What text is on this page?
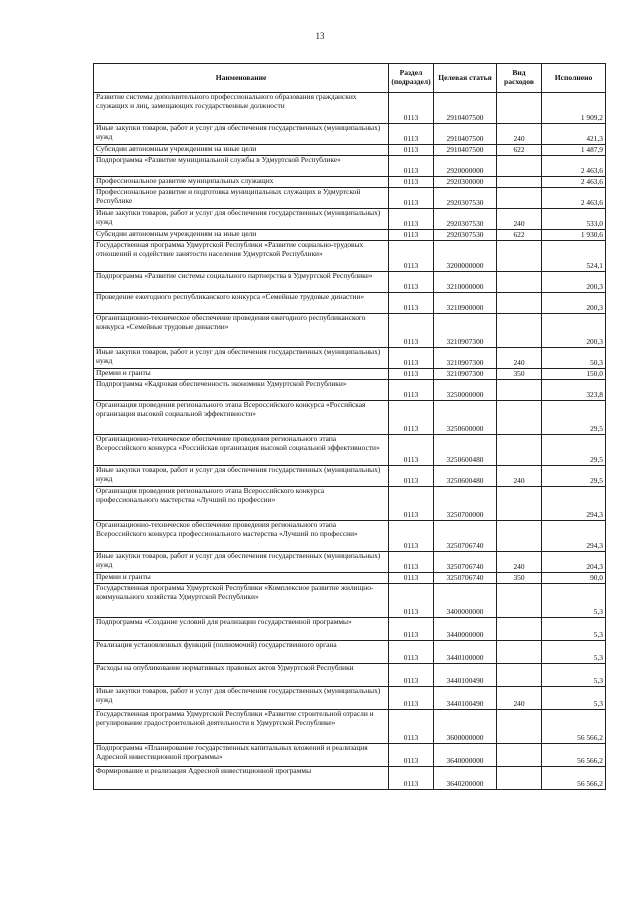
13
Наименование	Раздел (подраздел)	Целевая статья	Вид расходов	Исполнено
Развитие системы дополнительного профессионального образования гражданских служащих и лиц, замещающих государственные должности	0113	2910407500		1 909,2
Иные закупки товаров, работ и услуг для обеспечения государственных (муниципальных) нужд	0113	2910407500	240	421,3
Субсидии автономным учреждениям на иные цели	0113	2910407500	622	1 487,9
Подпрограмма «Развитие муниципальной службы в Удмуртской Республике»	0113	2920000000		2 463,6
Профессиональное развитие муниципальных служащих	0113	2920300000		2 463,6
Профессиональное развитие и подготовка муниципальных служащих в Удмуртской Республике	0113	2920307530		2 463,6
Иные закупки товаров, работ и услуг для обеспечения государственных (муниципальных) нужд	0113	2920307530	240	533,0
Субсидии автономным учреждениям на иные цели	0113	2920307530	622	1 930,6
Государственная программа Удмуртской Республики «Развитие социально-трудовых отношений и содействие занятости населения Удмуртской Республики»	0113	3200000000		524,1
Подпрограмма «Развитие системы социального партнерства в Удмуртской Республике»	0113	3210000000		200,3
Проведение ежегодного республиканского конкурса «Семейные трудовые династии»	0113	3210900000		200,3
Организационно-техническое обеспечение проведения ежегодного республиканского конкурса «Семейные трудовые династии»	0113	3210907300		200,3
Иные закупки товаров, работ и услуг для обеспечения государственных (муниципальных) нужд	0113	3210907300	240	50,3
Премии и гранты	0113	3210907300	350	150,0
Подпрограмма «Кадровая обеспеченность экономики Удмуртской Республики»	0113	3250000000		323,8
Организация проведения регионального этапа Всероссийского конкурса «Российская организация высокой социальной эффективности»	0113	3250600000		29,5
Организационно-техническое обеспечение проведения регионального этапа Всероссийского конкурса «Российская организация высокой социальной эффективности»	0113	3250600480		29,5
Иные закупки товаров, работ и услуг для обеспечения государственных (муниципальных) нужд	0113	3250600480	240	29,5
Организация проведения регионального этапа Всероссийского конкурса профессионального мастерства «Лучший по профессии»	0113	3250700000		294,3
Организационно-техническое обеспечение проведения регионального этапа Всероссийского конкурса профессионального мастерства «Лучший по профессии»	0113	3250706740		294,3
Иные закупки товаров, работ и услуг для обеспечения государственных (муниципальных) нужд	0113	3250706740	240	204,3
Премии и гранты	0113	3250706740	350	90,0
Государственная программа Удмуртской Республики «Комплексное развитие жилищно-коммунального хозяйства Удмуртской Республики»	0113	3400000000		5,3
Подпрограмма «Создание условий для реализации государственной программы»	0113	3440000000		5,3
Реализация установленных функций (полномочий) государственного органа	0113	3440100000		5,3
Расходы на опубликование нормативных правовых актов Удмуртской Республики	0113	3440100490		5,3
Иные закупки товаров, работ и услуг для обеспечения государственных (муниципальных) нужд	0113	3440100490	240	5,3
Государственная программа Удмуртской Республики «Развитие строительной отрасли и регулирование градостроительной деятельности в Удмуртской Республике»	0113	3600000000		56 566,2
Подпрограмма «Планирование государственных капитальных вложений и реализация Адресной инвестиционной программы»	0113	3640000000		56 566,2
Формирование и реализация Адресной инвестиционной программы	0113	3640200000		56 566,2
